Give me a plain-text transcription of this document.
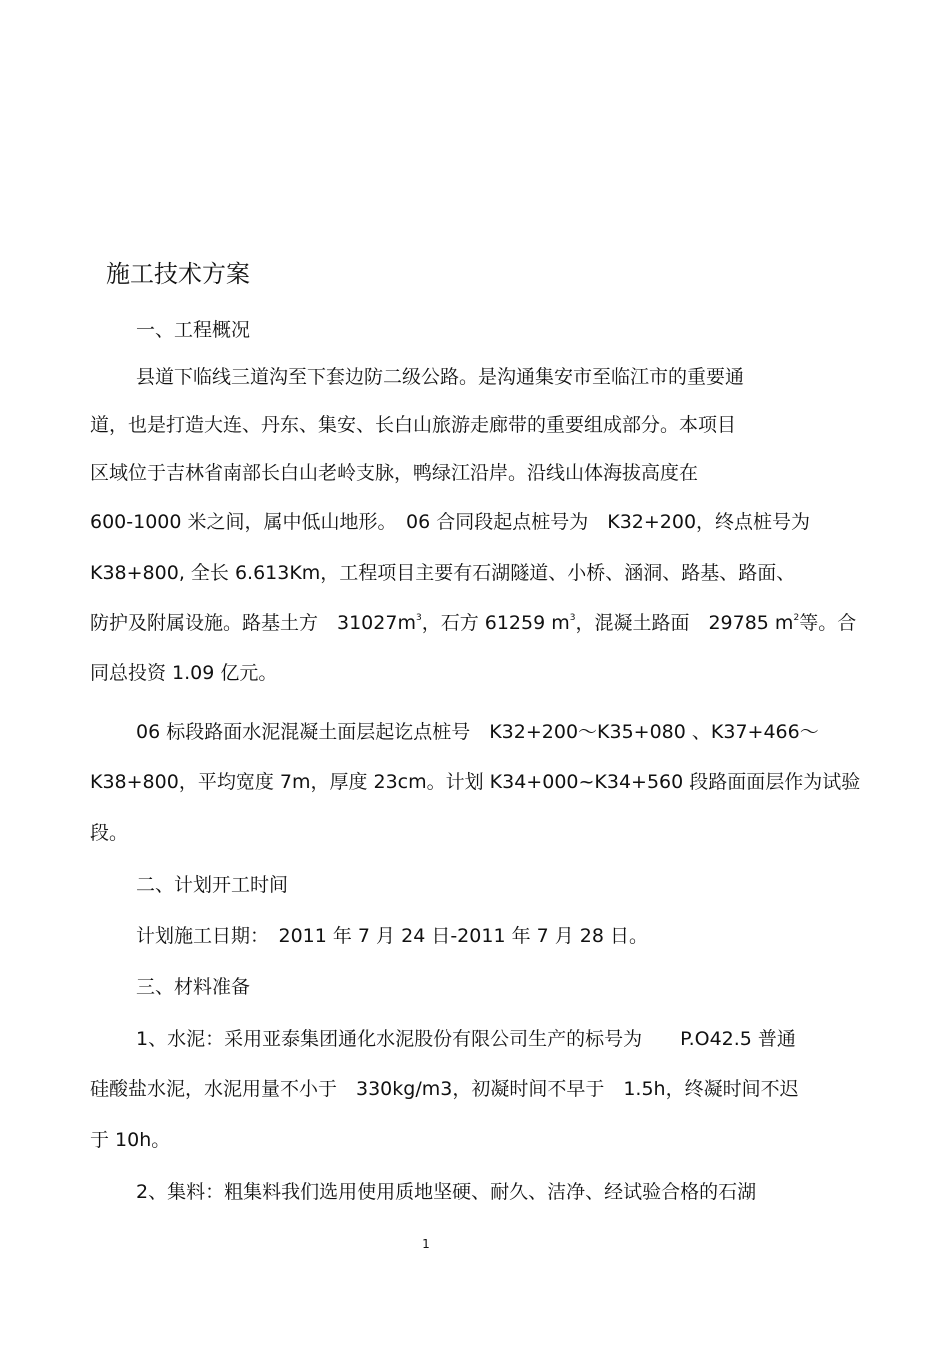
施工技术方案
一、工程概况
县道下临线三道沟至下套边防二级公路。是沟通集安市至临江市的重要通
道，也是打造大连、丹东、集安、长白山旅游走廊带的重要组成部分。本项目
区域位于吉林省南部长白山老岭支脉，鸭绿江沿岸。沿线山体海拔高度在
600-1000 米之间，属中低山地形。　06 合同段起点桩号为　K32+200，终点桩号为
K38+800, 全长 6.613Km，工程项目主要有石湖隧道、小桥、涵洞、路基、路面、
防护及附属设施。路基土方　$31027m^3$，石方 61259 $m^3$，混凝土路面　29785 $m^2$等。合
同总投资 1.09 亿元。
06 标段路面水泥混凝土面层起讫点桩号　K32+200～K35+080 、K37+466～
K38+800，平均宽度 7m，厚度 23cm。计划 K34+000~K34+560 段路面面层作为试验
段。
二、计划开工时间
计划施工日期：　2011 年 7 月 24 日-2011 年 7 月 28 日。
三、材料准备
1、水泥：采用亚泰集团通化水泥股份有限公司生产的标号为　　P.O42.5 普通
硅酸盐水泥，水泥用量不小于　330kg/m3，初凝时间不早于　1.5h，终凝时间不迟
于 10h。
2、集料：粗集料我们选用使用质地坚硬、耐久、洁净、经试验合格的石湖
1
